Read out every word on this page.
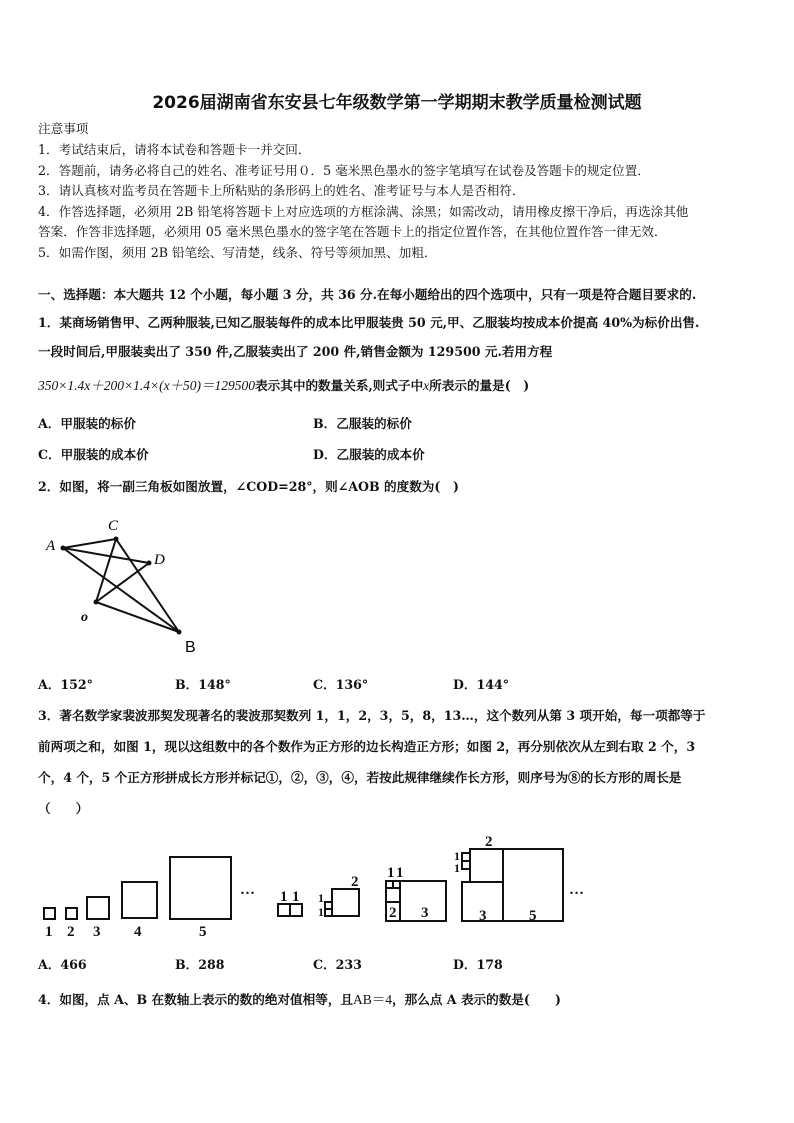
2026届湖南省东安县七年级数学第一学期期末教学质量检测试题
注意事项
1．考试结束后，请将本试卷和答题卡一并交回．
2．答题前，请务必将自己的姓名、准考证号用０．5 毫米黑色墨水的签字笔填写在试卷及答题卡的规定位置．
3．请认真核对监考员在答题卡上所粘贴的条形码上的姓名、准考证号与本人是否相符．
4．作答选择题，必须用 2B 铅笔将答题卡上对应选项的方框涂满、涂黑；如需改动，请用橡皮擦干净后，再选涂其他
答案．作答非选择题，必须用 05 毫米黑色墨水的签字笔在答题卡上的指定位置作答，在其他位置作答一律无效．
5．如需作图，须用 2B 铅笔绘、写清楚，线条、符号等须加黑、加粗．
一、选择题：本大题共 12 个小题，每小题 3 分，共 36 分.在每小题给出的四个选项中，只有一项是符合题目要求的.
1．某商场销售甲、乙两种服装,已知乙服装每件的成本比甲服装贵 50 元,甲、乙服装均按成本价提高 40%为标价出售.
一段时间后,甲服装卖出了 350 件,乙服装卖出了 200 件,销售金额为 129500 元.若用方程
350×1.4x＋200×1.4×(x＋50)＝129500表示其中的数量关系,则式子中x所表示的量是(　)
A．甲服装的标价	B．乙服装的标价
C．甲服装的成本价	D．乙服装的成本价
2．如图，将一副三角板如图放置，∠COD=28°，则∠AOB 的度数为(　)
A
C
D
o
B
A．152°	B．148°	C．136°	D．144°
3．著名数学家裴波那契发现著名的裴波那契数列 1，1，2，3，5，8，13…，这个数列从第 3 项开始，每一项都等于
前两项之和，如图 1，现以这组数中的各个数作为正方形的边长构造正方形；如图 2，再分别依次从左到右取 2 个，3
个，4 个，5 个正方形拼成长方形并标记①，②，③，④，若按此规律继续作长方形，则序号为⑧的长方形的周长是
（　　）
1 2 3 4	5
… 1 1 1
1
2
1 1
2 3
2
1
1
3	5
…
A．466	B．288	C．233	D．178
4．如图，点 A、B 在数轴上表示的数的绝对值相等，且AB＝4，那么点 A 表示的数是(　　)
